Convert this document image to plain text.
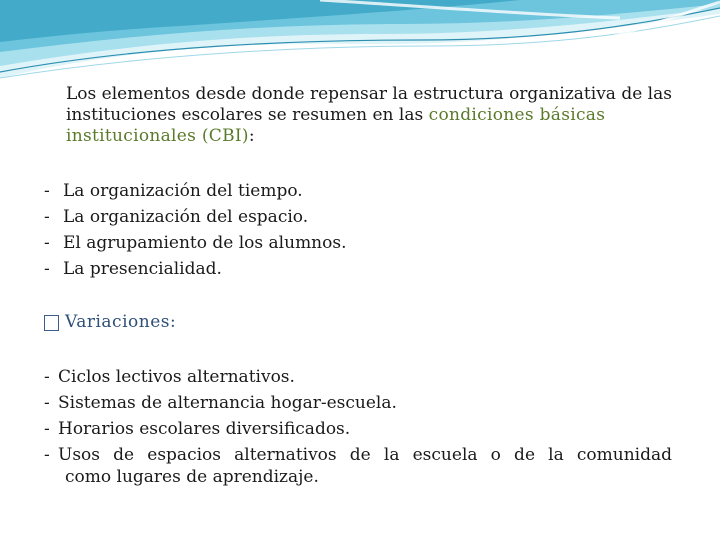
Los elementos desde donde repensar la estructura organizativa de las instituciones escolares se resumen en las condiciones básicas institucionales (CBI):
- La organización del tiempo.
- La organización del espacio.
- El agrupamiento de los alumnos.
- La presencialidad.
Variaciones:
- Ciclos lectivos alternativos.
- Sistemas de alternancia hogar-escuela.
- Horarios escolares diversificados.
- Usos de espacios alternativos de la escuela o de la comunidad
como lugares de aprendizaje.
